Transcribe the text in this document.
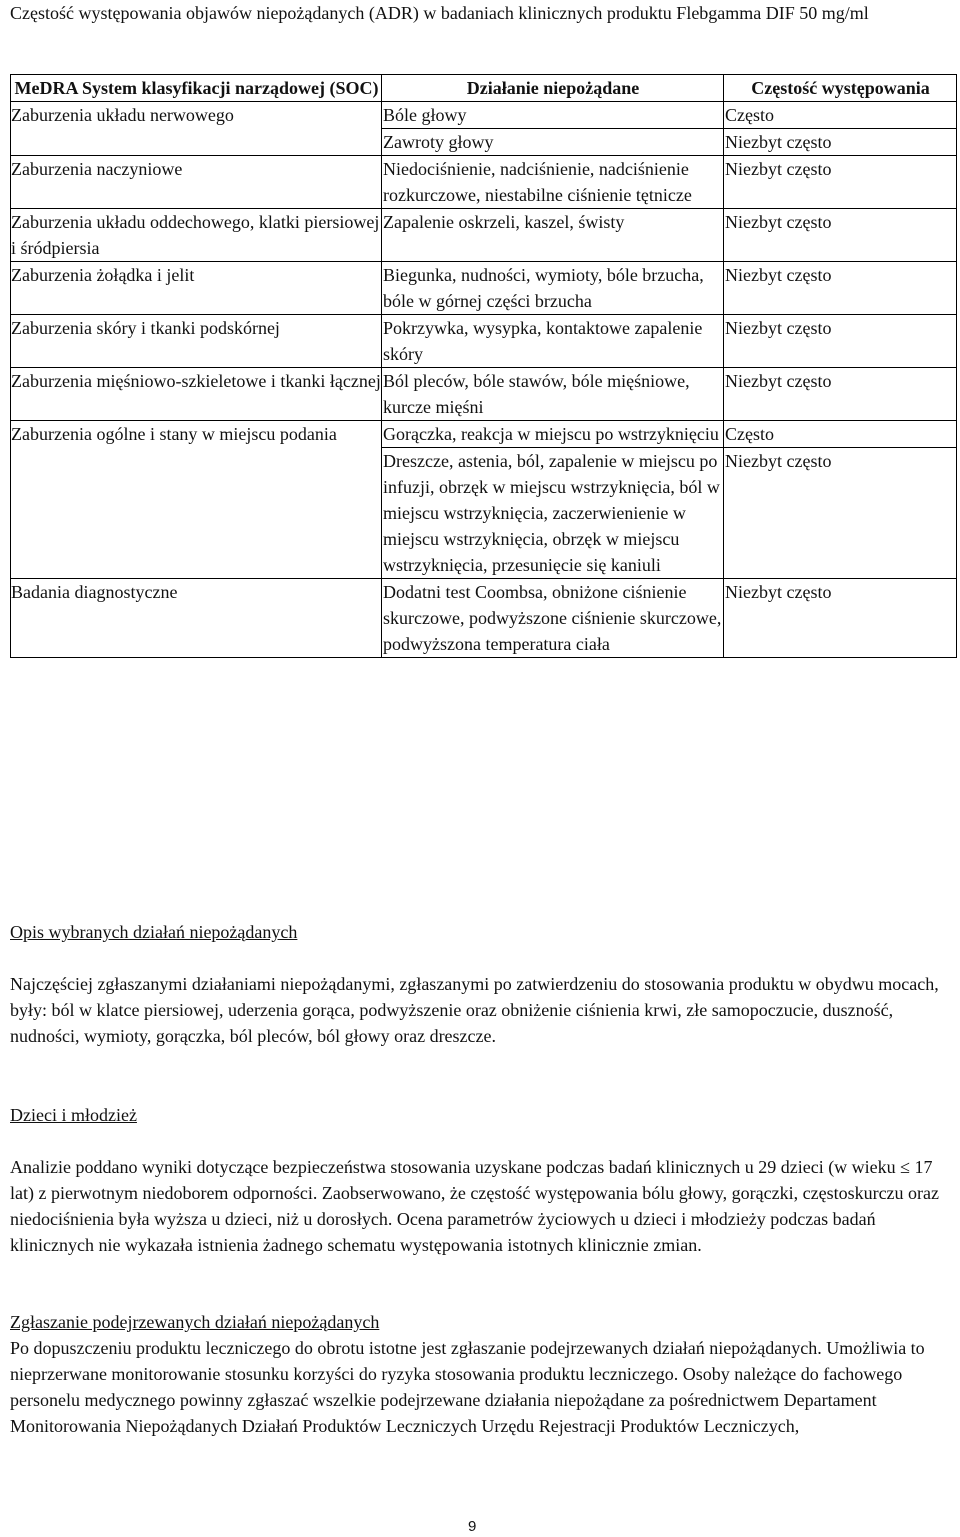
Częstość występowania objawów niepożądanych (ADR) w badaniach klinicznych produktu Flebgamma DIF 50 mg/ml

MeDRA System klasyfikacji narządowej (SOC)	Działanie niepożądane	Częstość występowania
Zaburzenia układu nerwowego	Bóle głowy	Często
	Zawroty głowy	Niezbyt często
Zaburzenia naczyniowe	Niedociśnienie, nadciśnienie, nadciśnienie rozkurczowe, niestabilne ciśnienie tętnicze	Niezbyt często
Zaburzenia układu oddechowego, klatki piersiowej i śródpiersia	Zapalenie oskrzeli, kaszel, świsty	Niezbyt często
Zaburzenia żołądka i jelit	Biegunka, nudności, wymioty, bóle brzucha, bóle w górnej części brzucha	Niezbyt często
Zaburzenia skóry i tkanki podskórnej	Pokrzywka, wysypka, kontaktowe zapalenie skóry	Niezbyt często
Zaburzenia mięśniowo-szkieletowe i tkanki łącznej	Ból pleców, bóle stawów, bóle mięśniowe, kurcze mięśni	Niezbyt często
Zaburzenia ogólne i stany w miejscu podania	Gorączka, reakcja w miejscu po wstrzyknięciu	Często
	Dreszcze, astenia, ból, zapalenie w miejscu po infuzji, obrzęk w miejscu wstrzyknięcia, ból w miejscu wstrzyknięcia, zaczerwienienie w miejscu wstrzyknięcia, obrzęk w miejscu wstrzyknięcia, przesunięcie się kaniuli	Niezbyt często
Badania diagnostyczne	Dodatni test Coombsa, obniżone ciśnienie skurczowe, podwyższone ciśnienie skurczowe, podwyższona temperatura ciała	Niezbyt często

Opis wybranych działań niepożądanych

Najczęściej zgłaszanymi działaniami niepożądanymi, zgłaszanymi po zatwierdzeniu do stosowania produktu w obydwu mocach, były: ból w klatce piersiowej, uderzenia gorąca, podwyższenie oraz obniżenie ciśnienia krwi, złe samopoczucie, duszność, nudności, wymioty, gorączka, ból pleców, ból głowy oraz dreszcze.

Dzieci i młodzież

Analizie poddano wyniki dotyczące bezpieczeństwa stosowania uzyskane podczas badań klinicznych u 29 dzieci (w wieku ≤ 17 lat) z pierwotnym niedoborem odporności. Zaobserwowano, że częstość występowania bólu głowy, gorączki, częstoskurczu oraz niedociśnienia była wyższa u dzieci, niż u dorosłych. Ocena parametrów życiowych u dzieci i młodzieży podczas badań klinicznych nie wykazała istnienia żadnego schematu występowania istotnych klinicznie zmian.

Zgłaszanie podejrzewanych działań niepożądanych

Po dopuszczeniu produktu leczniczego do obrotu istotne jest zgłaszanie podejrzewanych działań niepożądanych. Umożliwia to nieprzerwane monitorowanie stosunku korzyści do ryzyka stosowania produktu leczniczego. Osoby należące do fachowego personelu medycznego powinny zgłaszać wszelkie podejrzewane działania niepożądane za pośrednictwem Departament Monitorowania Niepożądanych Działań Produktów Leczniczych Urzędu Rejestracji Produktów Leczniczych,

9
